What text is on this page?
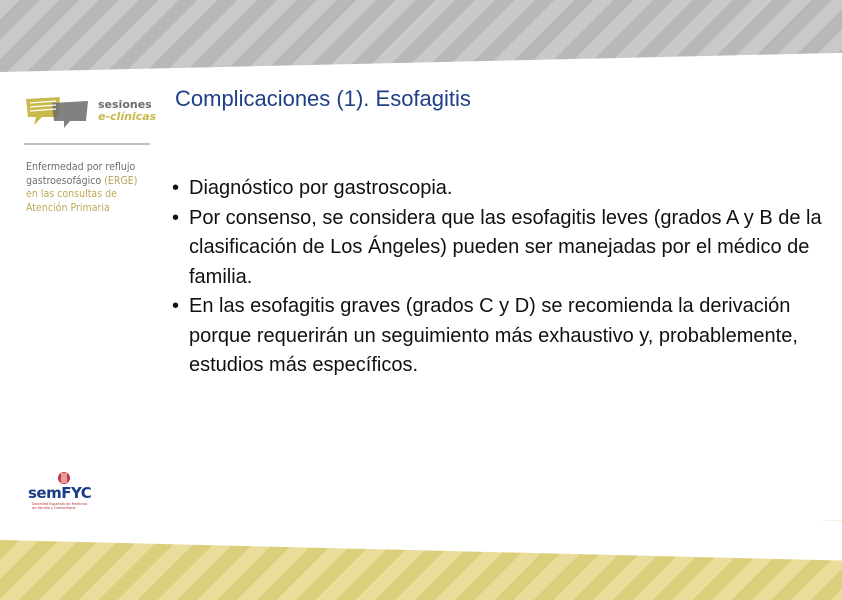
sesiones
e-clínicas
Enfermedad por reflujo
gastroesofágico (ERGE)
en las consultas de
Atención Primaria
Complicaciones (1). Esofagitis
• Diagnóstico por gastroscopia.
• Por consenso, se considera que las esofagitis leves (grados A y B de la clasificación de Los Ángeles) pueden ser manejadas por el médico de familia.
• En las esofagitis graves (grados C y D) se recomienda la derivación porque requerirán un seguimiento más exhaustivo y, probablemente, estudios más específicos.
semFYC
Sociedad Española de Medicina
de Familia y Comunitaria
